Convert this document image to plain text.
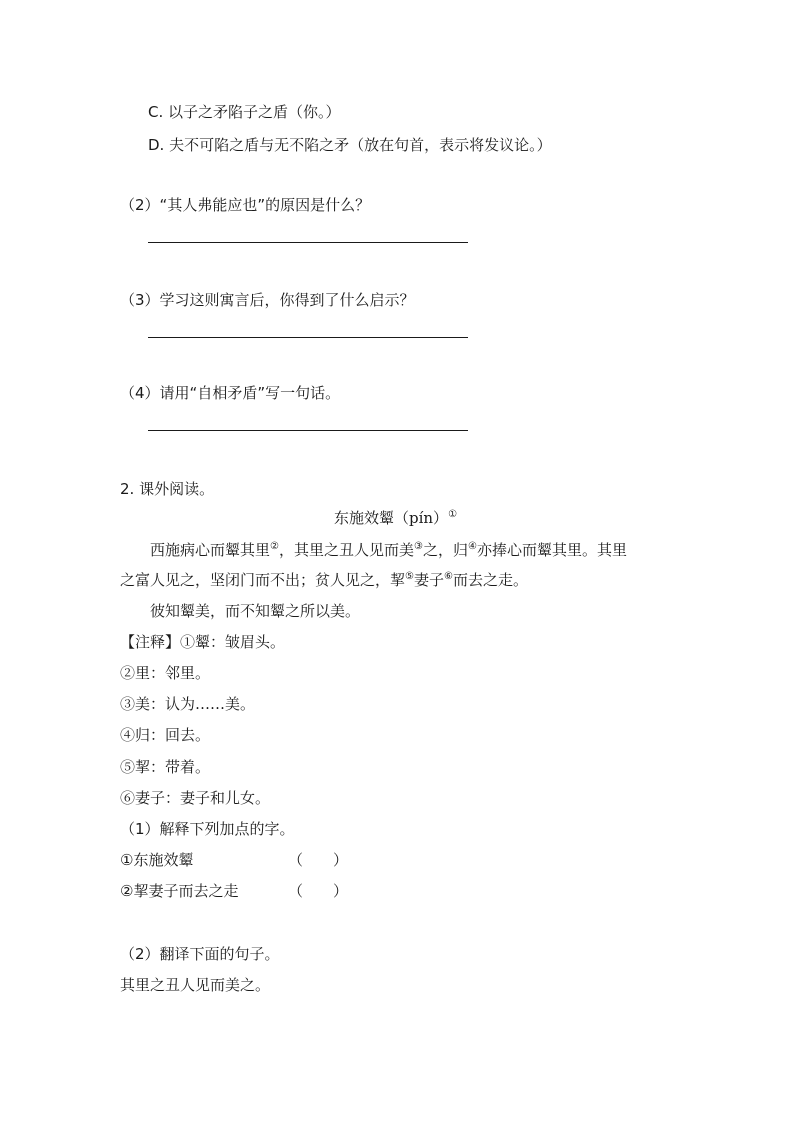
C. 以子之矛陷子之盾（你。）
D. 夫不可陷之盾与无不陷之矛（放在句首，表示将发议论。）
（2）“其人弗能应也”的原因是什么？
（3）学习这则寓言后，你得到了什么启示？
（4）请用“自相矛盾”写一句话。
2. 课外阅读。
东施效颦（pín）①
西施病心而颦其里②，其里之丑人见而美③之，归④亦捧心而颦其里。其里
之富人见之，坚闭门而不出；贫人见之，挈⑤妻子⑥而去之走。
彼知颦美，而不知颦之所以美。
【注释】①颦：皱眉头。
②里：邻里。
③美：认为……美。
④归：回去。
⑤挈：带着。
⑥妻子：妻子和儿女。
（1）解释下列加点的字。
①东施效颦	（　　）
②挈妻子而去之走	（　　）
（2）翻译下面的句子。
其里之丑人见而美之。
